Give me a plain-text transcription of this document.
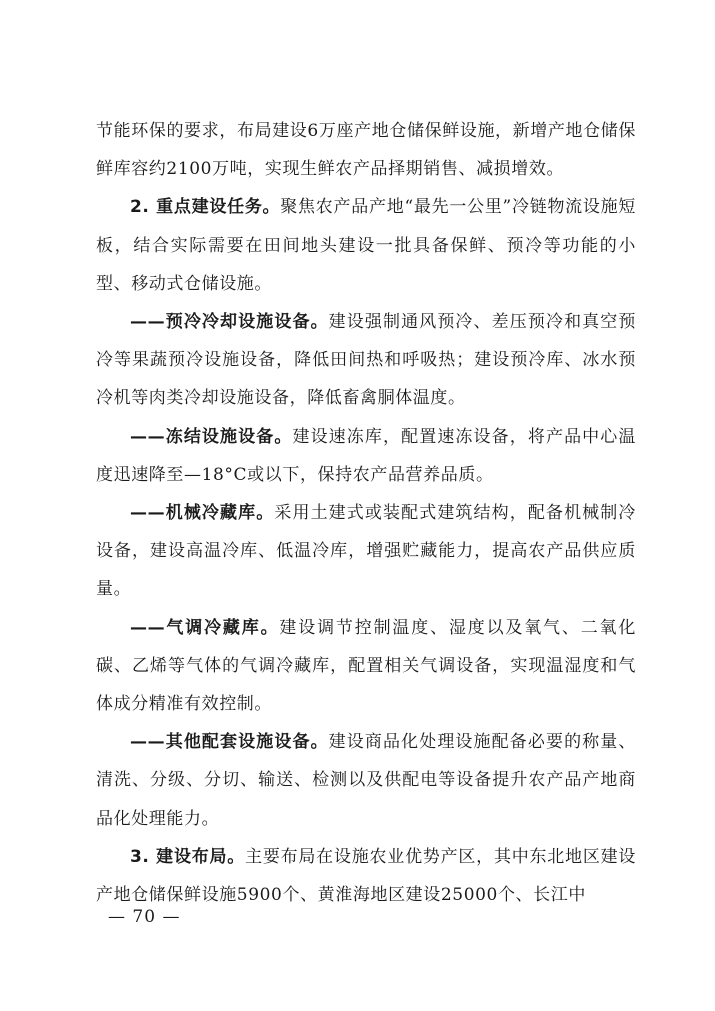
节能环保的要求，布局建设6万座产地仓储保鲜设施，新增产地仓储保鲜库容约2100万吨，实现生鲜农产品择期销售、减损增效。

2. 重点建设任务。聚焦农产品产地“最先一公里”冷链物流设施短板，结合实际需要在田间地头建设一批具备保鲜、预冷等功能的小型、移动式仓储设施。

——预冷冷却设施设备。建设强制通风预冷、差压预冷和真空预冷等果蔬预冷设施设备，降低田间热和呼吸热；建设预冷库、冰水预冷机等肉类冷却设施设备，降低畜禽胴体温度。

——冻结设施设备。建设速冻库，配置速冻设备，将产品中心温度迅速降至—18°C或以下，保持农产品营养品质。

——机械冷藏库。采用土建式或装配式建筑结构，配备机械制冷设备，建设高温冷库、低温冷库，增强贮藏能力，提高农产品供应质量。

——气调冷藏库。建设调节控制温度、湿度以及氧气、二氧化碳、乙烯等气体的气调冷藏库，配置相关气调设备，实现温湿度和气体成分精准有效控制。

——其他配套设施设备。建设商品化处理设施配备必要的称量、清洗、分级、分切、输送、检测以及供配电等设备提升农产品产地商品化处理能力。

3. 建设布局。主要布局在设施农业优势产区，其中东北地区建设产地仓储保鲜设施5900个、黄淮海地区建设25000个、长江中

— 70 —
